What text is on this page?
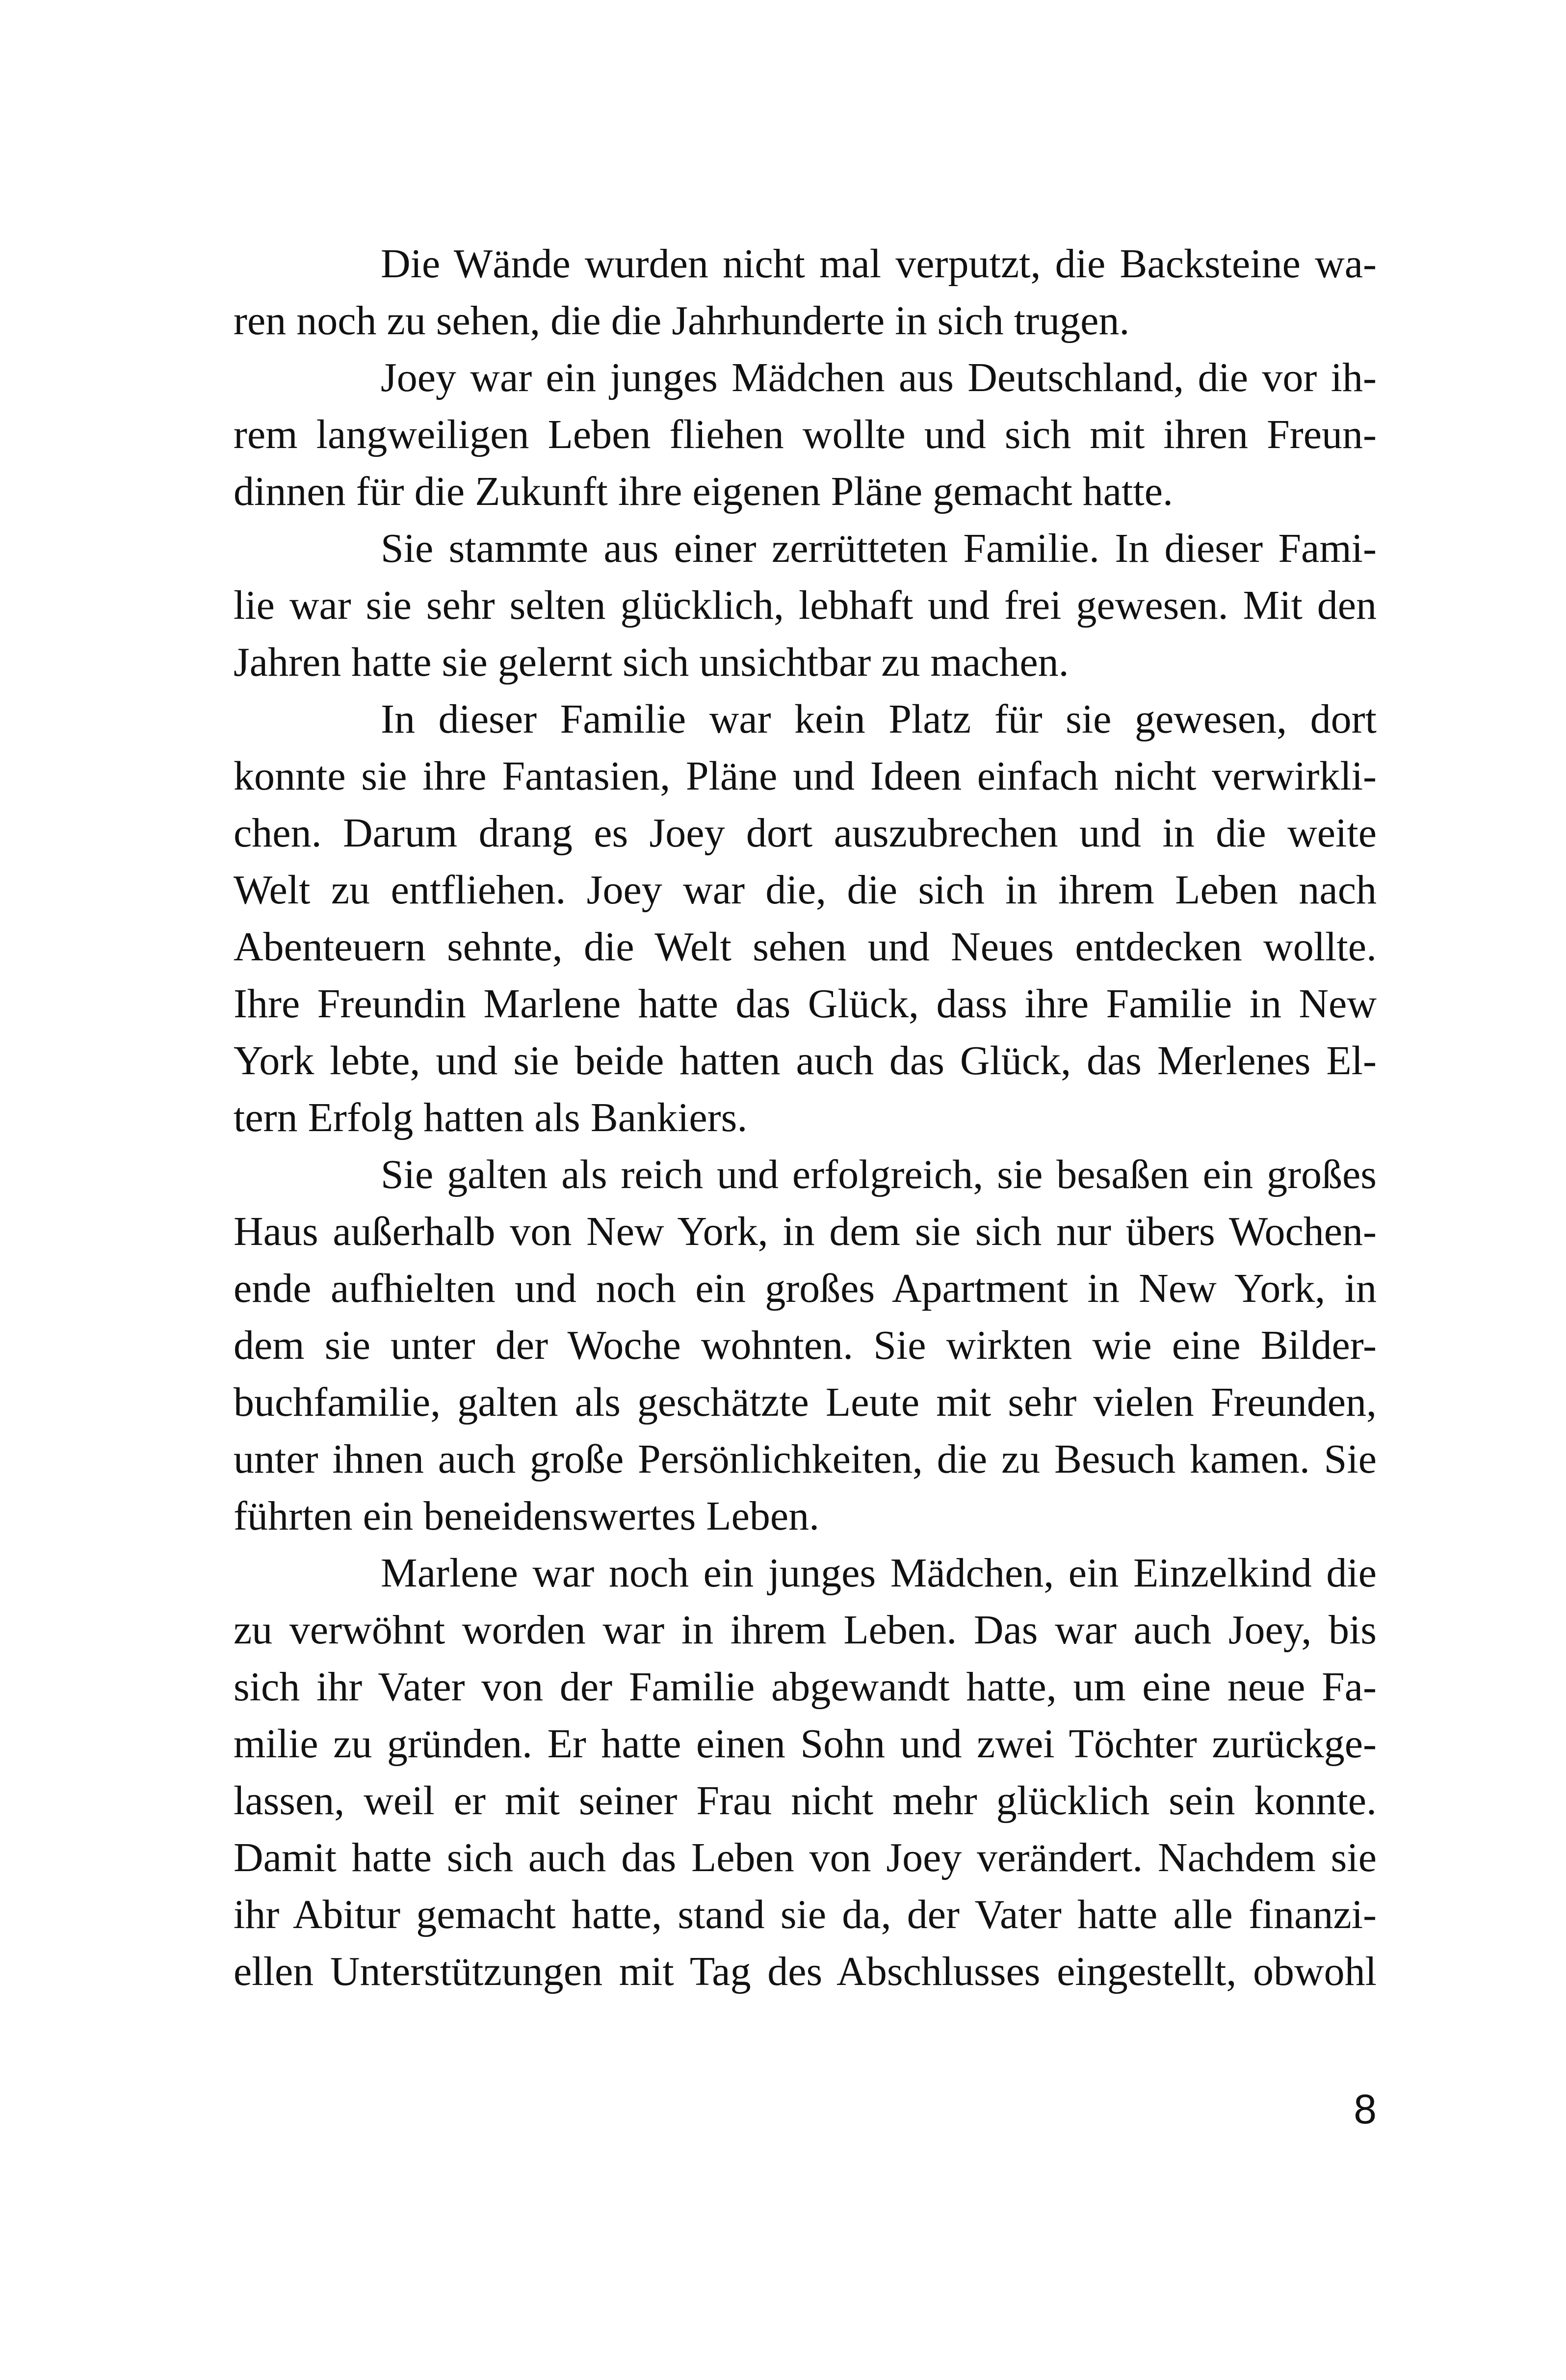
Die Wände wurden nicht mal verputzt, die Backsteine wa-
ren noch zu sehen, die die Jahrhunderte in sich trugen.
Joey war ein junges Mädchen aus Deutschland, die vor ih-
rem langweiligen Leben fliehen wollte und sich mit ihren Freun-
dinnen für die Zukunft ihre eigenen Pläne gemacht hatte.
Sie stammte aus einer zerrütteten Familie. In dieser Fami-
lie war sie sehr selten glücklich, lebhaft und frei gewesen. Mit den
Jahren hatte sie gelernt sich unsichtbar zu machen.
In dieser Familie war kein Platz für sie gewesen, dort
konnte sie ihre Fantasien, Pläne und Ideen einfach nicht verwirkli-
chen. Darum drang es Joey dort auszubrechen und in die weite
Welt zu entfliehen. Joey war die, die sich in ihrem Leben nach
Abenteuern sehnte, die Welt sehen und Neues entdecken wollte.
Ihre Freundin Marlene hatte das Glück, dass ihre Familie in New
York lebte, und sie beide hatten auch das Glück, das Merlenes El-
tern Erfolg hatten als Bankiers.
Sie galten als reich und erfolgreich, sie besaßen ein großes
Haus außerhalb von New York, in dem sie sich nur übers Wochen-
ende aufhielten und noch ein großes Apartment in New York, in
dem sie unter der Woche wohnten. Sie wirkten wie eine Bilder-
buchfamilie, galten als geschätzte Leute mit sehr vielen Freunden,
unter ihnen auch große Persönlichkeiten, die zu Besuch kamen. Sie
führten ein beneidenswertes Leben.
Marlene war noch ein junges Mädchen, ein Einzelkind die
zu verwöhnt worden war in ihrem Leben. Das war auch Joey, bis
sich ihr Vater von der Familie abgewandt hatte, um eine neue Fa-
milie zu gründen. Er hatte einen Sohn und zwei Töchter zurückge-
lassen, weil er mit seiner Frau nicht mehr glücklich sein konnte.
Damit hatte sich auch das Leben von Joey verändert. Nachdem sie
ihr Abitur gemacht hatte, stand sie da, der Vater hatte alle finanzi-
ellen Unterstützungen mit Tag des Abschlusses eingestellt, obwohl
8
